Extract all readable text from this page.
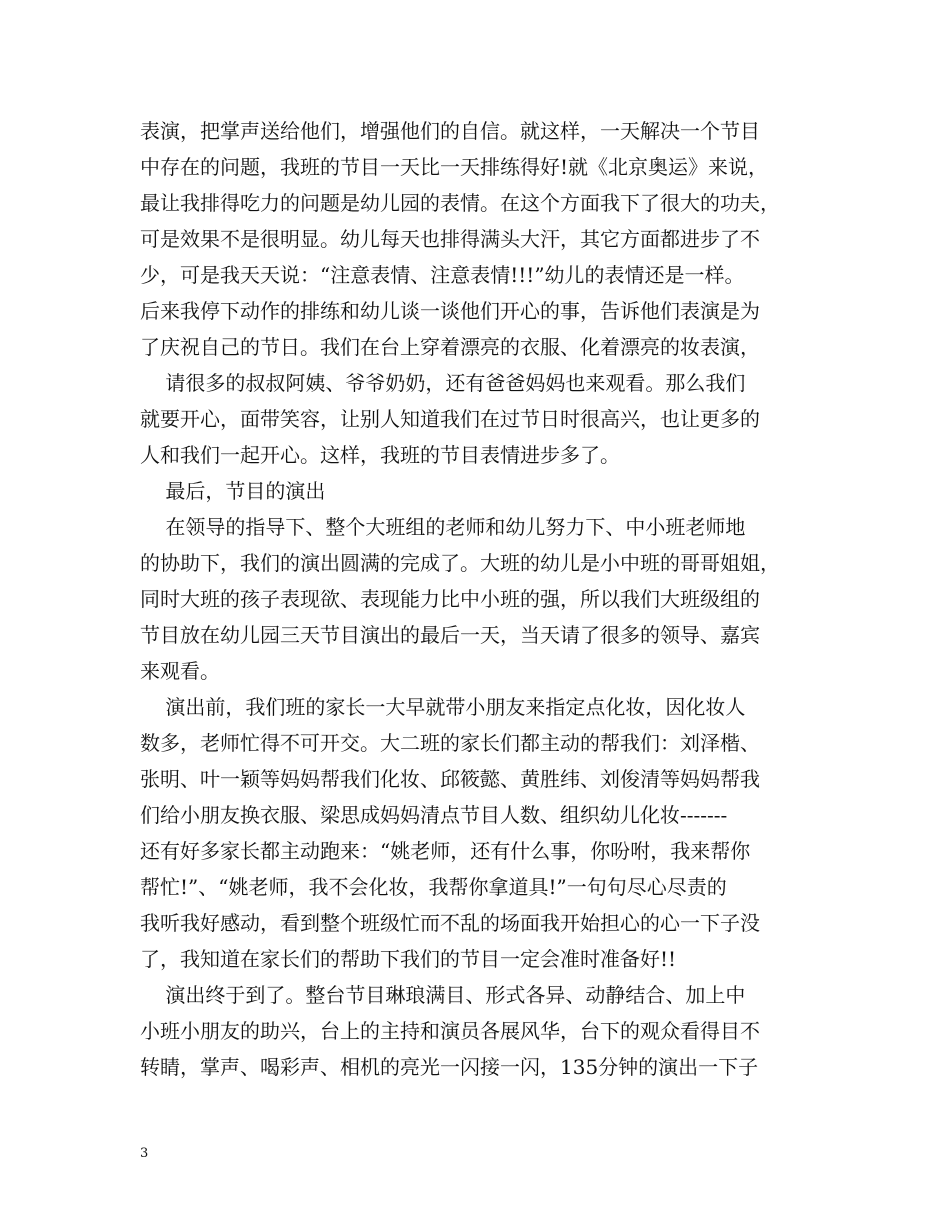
表演，把掌声送给他们，增强他们的自信。就这样，一天解决一个节目
中存在的问题，我班的节目一天比一天排练得好!就《北京奥运》来说，
最让我排得吃力的问题是幼儿园的表情。在这个方面我下了很大的功夫，
可是效果不是很明显。幼儿每天也排得满头大汗，其它方面都进步了不
少，可是我天天说：“注意表情、注意表情!!!”幼儿的表情还是一样。
后来我停下动作的排练和幼儿谈一谈他们开心的事，告诉他们表演是为
了庆祝自己的节日。我们在台上穿着漂亮的衣服、化着漂亮的妆表演，
请很多的叔叔阿姨、爷爷奶奶，还有爸爸妈妈也来观看。那么我们
就要开心，面带笑容，让别人知道我们在过节日时很高兴，也让更多的
人和我们一起开心。这样，我班的节目表情进步多了。
最后，节目的演出
在领导的指导下、整个大班组的老师和幼儿努力下、中小班老师地
的协助下，我们的演出圆满的完成了。大班的幼儿是小中班的哥哥姐姐，
同时大班的孩子表现欲、表现能力比中小班的强，所以我们大班级组的
节目放在幼儿园三天节目演出的最后一天，当天请了很多的领导、嘉宾
来观看。
演出前，我们班的家长一大早就带小朋友来指定点化妆，因化妆人
数多，老师忙得不可开交。大二班的家长们都主动的帮我们：刘泽楷、
张明、叶一颖等妈妈帮我们化妆、邱筱懿、黄胜纬、刘俊清等妈妈帮我
们给小朋友换衣服、梁思成妈妈清点节目人数、组织幼儿化妆-------
还有好多家长都主动跑来：“姚老师，还有什么事，你吩咐，我来帮你
帮忙!”、“姚老师，我不会化妆，我帮你拿道具!”一句句尽心尽责的
我听我好感动，看到整个班级忙而不乱的场面我开始担心的心一下子没
了，我知道在家长们的帮助下我们的节目一定会准时准备好!!
演出终于到了。整台节目琳琅满目、形式各异、动静结合、加上中
小班小朋友的助兴，台上的主持和演员各展风华，台下的观众看得目不
转睛，掌声、喝彩声、相机的亮光一闪接一闪，135分钟的演出一下子
3
